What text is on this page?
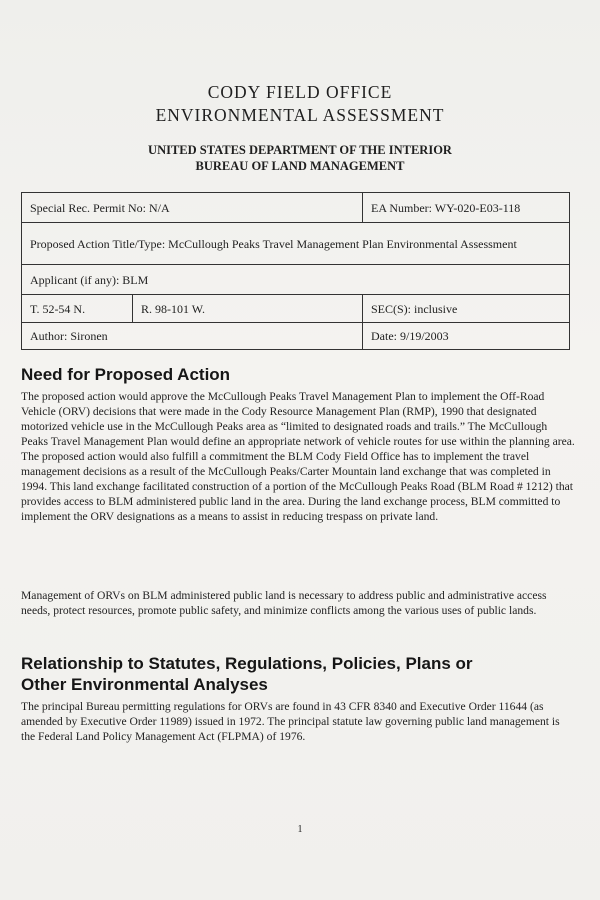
CODY FIELD OFFICE
ENVIRONMENTAL ASSESSMENT
UNITED STATES DEPARTMENT OF THE INTERIOR
BUREAU OF LAND MANAGEMENT
Special Rec. Permit No: N/A	EA Number: WY-020-E03-118
Proposed Action Title/Type: McCullough Peaks Travel Management Plan Environmental Assessment
Applicant (if any): BLM
T. 52-54 N.	R. 98-101 W.	SEC(S): inclusive
Author: Sironen	Date: 9/19/2003
Need for Proposed Action
The proposed action would approve the McCullough Peaks Travel Management Plan to implement the Off-Road Vehicle (ORV) decisions that were made in the Cody Resource Management Plan (RMP), 1990 that designated motorized vehicle use in the McCullough Peaks area as “limited to designated roads and trails.” The McCullough Peaks Travel Management Plan would define an appropriate network of vehicle routes for use within the planning area. The proposed action would also fulfill a commitment the BLM Cody Field Office has to implement the travel management decisions as a result of the McCullough Peaks/Carter Mountain land exchange that was completed in 1994. This land exchange facilitated construction of a portion of the McCullough Peaks Road (BLM Road # 1212) that provides access to BLM administered public land in the area. During the land exchange process, BLM committed to implement the ORV designations as a means to assist in reducing trespass on private land.
Management of ORVs on BLM administered public land is necessary to address public and administrative access needs, protect resources, promote public safety, and minimize conflicts among the various uses of public lands.
Relationship to Statutes, Regulations, Policies, Plans or
Other Environmental Analyses
The principal Bureau permitting regulations for ORVs are found in 43 CFR 8340 and Executive Order 11644 (as amended by Executive Order 11989) issued in 1972. The principal statute law governing public land management is the Federal Land Policy Management Act (FLPMA) of 1976.
1
